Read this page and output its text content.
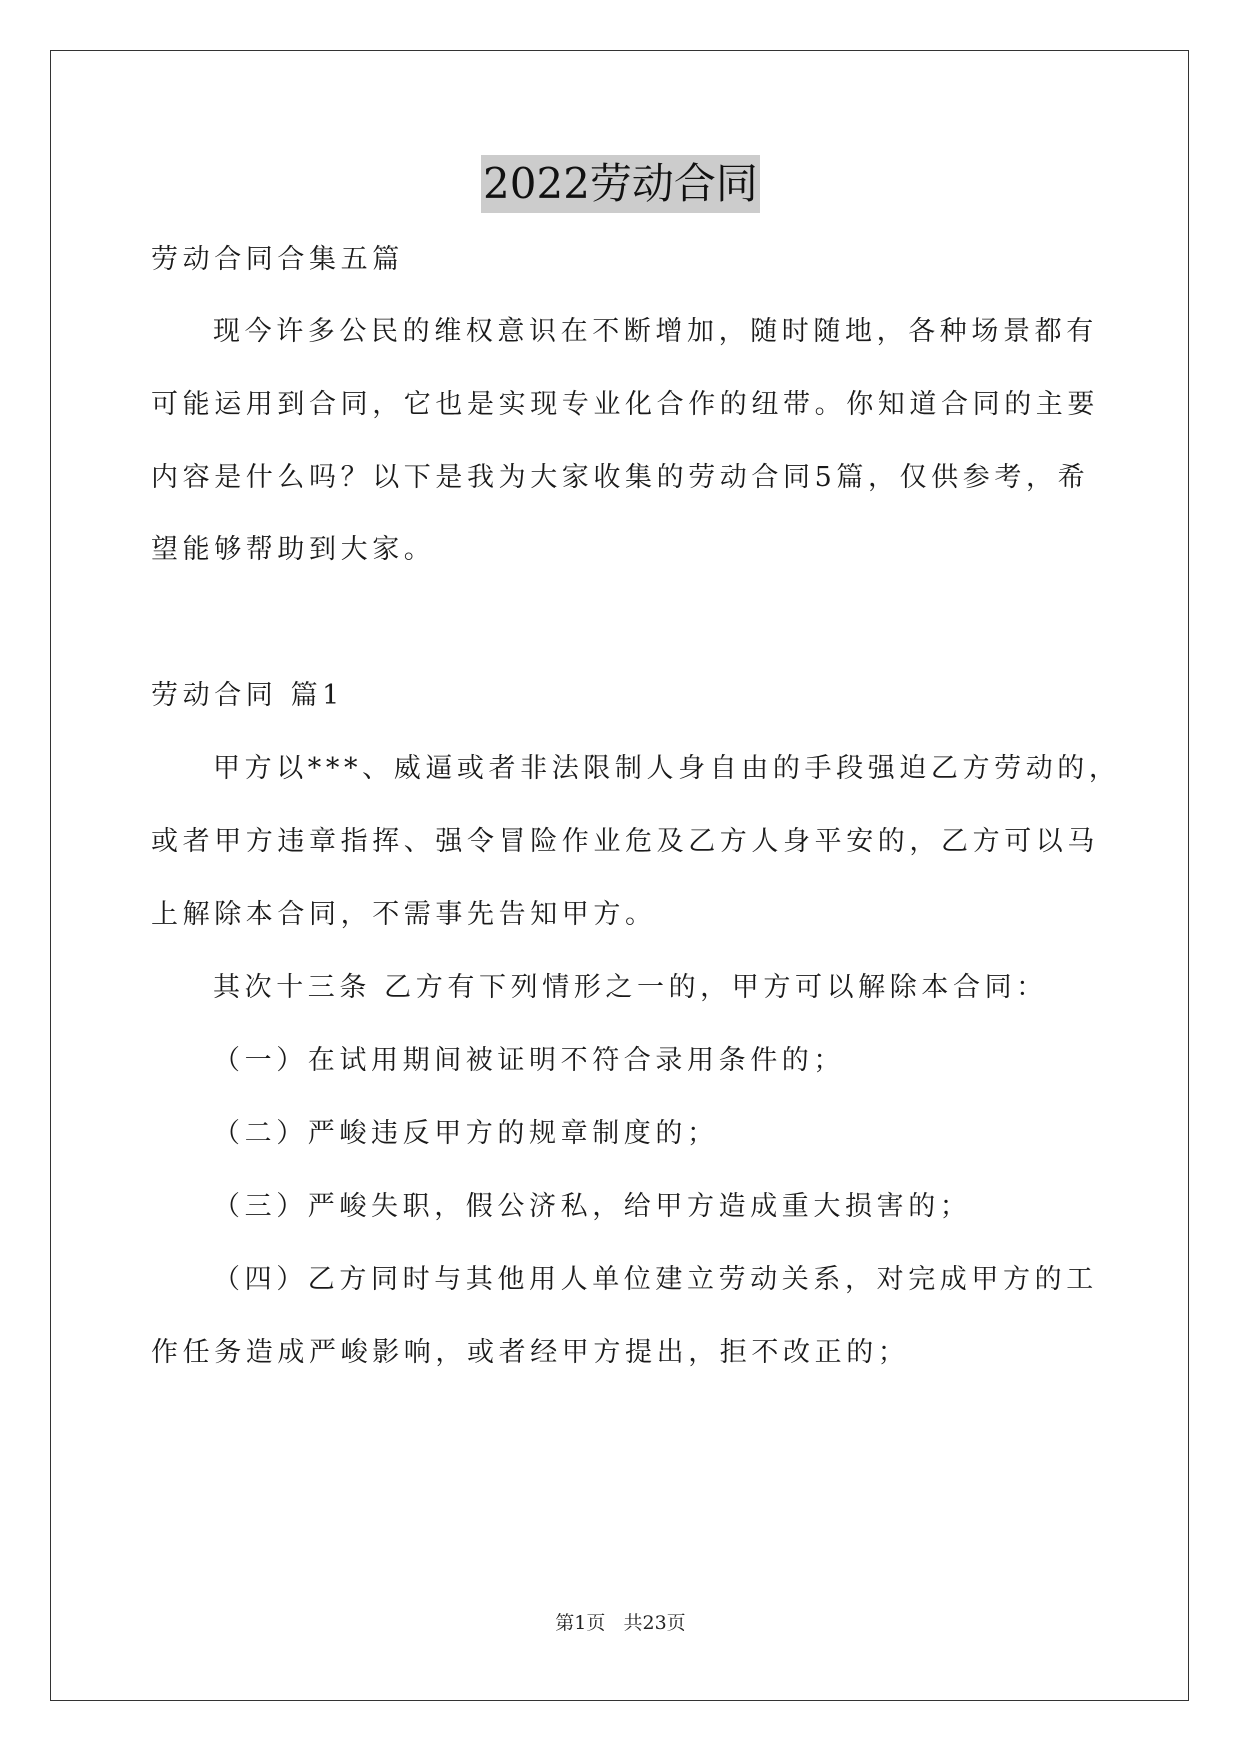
2022劳动合同
劳动合同合集五篇
现今许多公民的维权意识在不断增加，随时随地，各种场景都有
可能运用到合同，它也是实现专业化合作的纽带。你知道合同的主要
内容是什么吗？以下是我为大家收集的劳动合同5篇，仅供参考，希
望能够帮助到大家。
劳动合同 篇1
甲方以***、威逼或者非法限制人身自由的手段强迫乙方劳动的，
或者甲方违章指挥、强令冒险作业危及乙方人身平安的，乙方可以马
上解除本合同，不需事先告知甲方。
其次十三条 乙方有下列情形之一的，甲方可以解除本合同：
（一）在试用期间被证明不符合录用条件的；
（二）严峻违反甲方的规章制度的；
（三）严峻失职，假公济私，给甲方造成重大损害的；
（四）乙方同时与其他用人单位建立劳动关系，对完成甲方的工
作任务造成严峻影响，或者经甲方提出，拒不改正的；
第1页   共23页
